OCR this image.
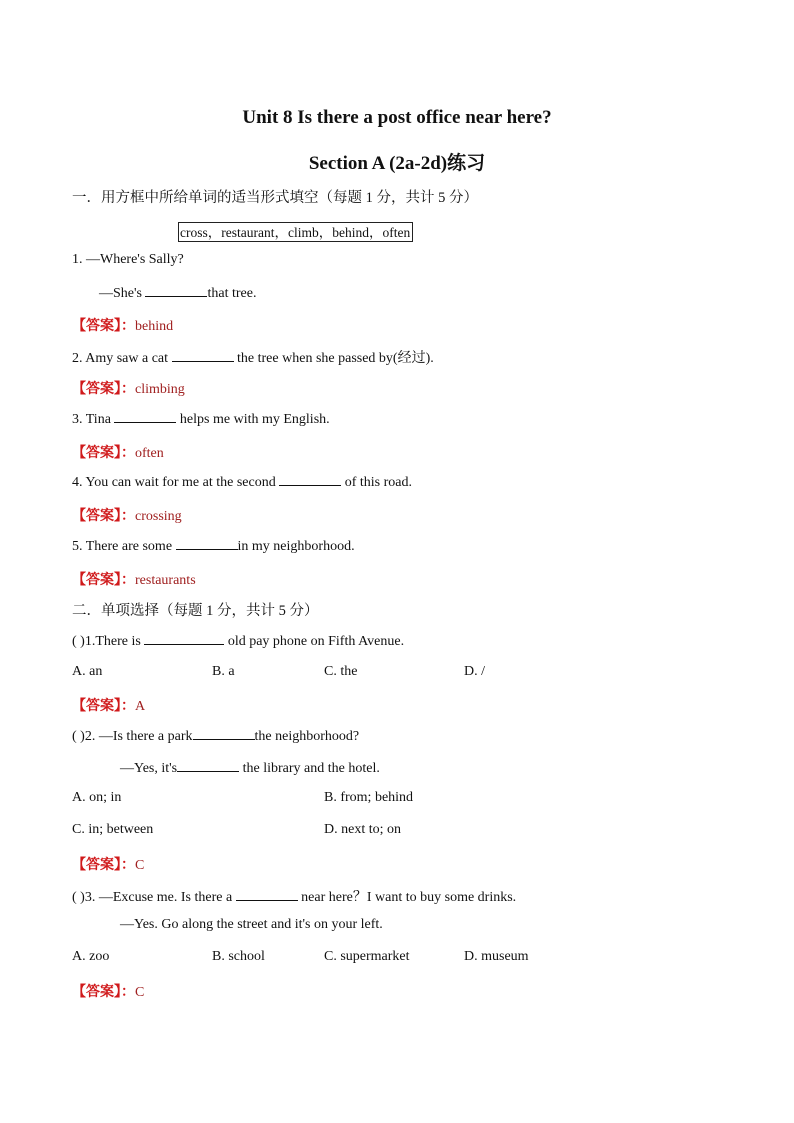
Unit 8 Is there a post office near here?
Section A (2a-2d)练习
一．用方框中所给单词的适当形式填空（每题 1 分，共计 5 分）
cross，restaurant，climb，behind，often
1. —Where's Sally?
—She's	that tree.
【答案】：behind
2. Amy saw a cat	the tree when she passed by(经过).
【答案】：climbing
3. Tina	helps me with my English.
【答案】：often
4. You can wait for me at the second	of this road.
【答案】：crossing
5. There are some	in my neighborhood.
【答案】：restaurants
二．单项选择（每题 1 分，共计 5 分）
( )1.There is	old pay phone on Fifth Avenue.
A. an	B. a	C. the	D. /
【答案】：A
( )2. —Is there a park	the neighborhood?
—Yes, it's	the library and the hotel.
A. on; in	B. from; behind
C. in; between	D. next to; on
【答案】：C
( )3. —Excuse me. Is there a	near here？I want to buy some drinks.
—Yes. Go along the street and it's on your left.
A. zoo	B. school	C. supermarket	D. museum
【答案】：C
